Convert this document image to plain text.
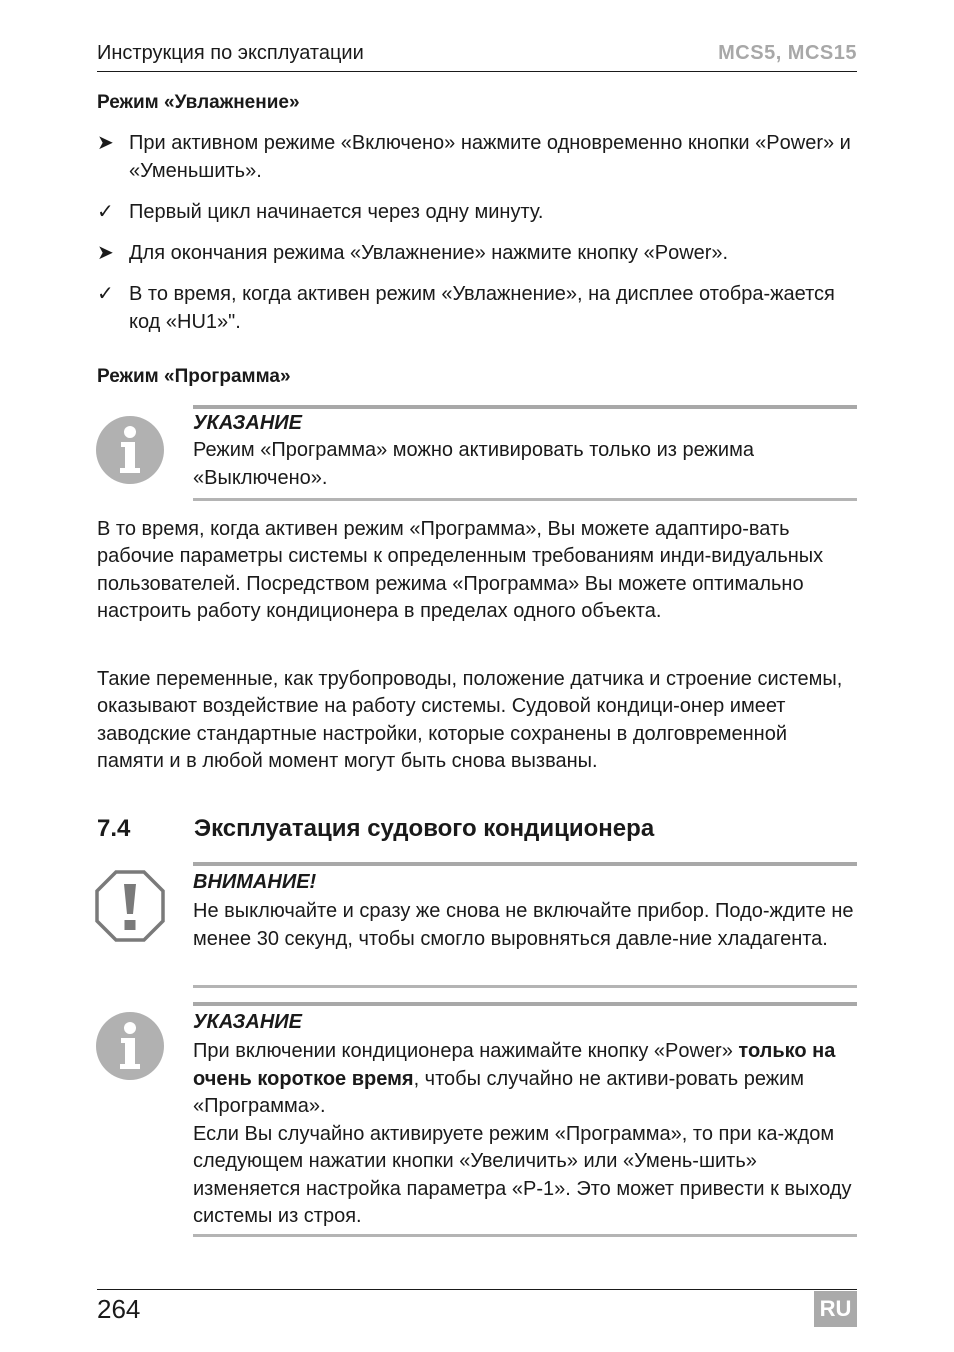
Инструкция по эксплуатации	MCS5, MCS15
Режим «Увлажнение»
➤ При активном режиме «Включено» нажмите одновременно кнопки «Power» и «Уменьшить».
✓ Первый цикл начинается через одну минуту.
➤ Для окончания режима «Увлажнение» нажмите кнопку «Power».
✓ В то время, когда активен режим «Увлажнение», на дисплее отобра-жается код «HU1»".
Режим «Программа»
УКАЗАНИЕ
Режим «Программа» можно активировать только из режима «Выключено».
В то время, когда активен режим «Программа», Вы можете адаптиро-вать рабочие параметры системы к определенным требованиям инди-видуальных пользователей. Посредством режима «Программа» Вы можете оптимально настроить работу кондиционера в пределах одного объекта.
Такие переменные, как трубопроводы, положение датчика и строение системы, оказывают воздействие на работу системы. Судовой кондици-онер имеет заводские стандартные настройки, которые сохранены в долговременной памяти и в любой момент могут быть снова вызваны.
7.4	Эксплуатация судового кондиционера
ВНИМАНИЕ!
Не выключайте и сразу же снова не включайте прибор. Подо-ждите не менее 30 секунд, чтобы смогло выровняться давле-ние хладагента.
УКАЗАНИЕ
При включении кондиционера нажимайте кнопку «Power» только на очень короткое время, чтобы случайно не активи-ровать режим «Программа».
Если Вы случайно активируете режим «Программа», то при ка-ждом следующем нажатии кнопки «Увеличить» или «Умень-шить» изменяется настройка параметра «P-1». Это может привести к выходу системы из строя.
264	RU
